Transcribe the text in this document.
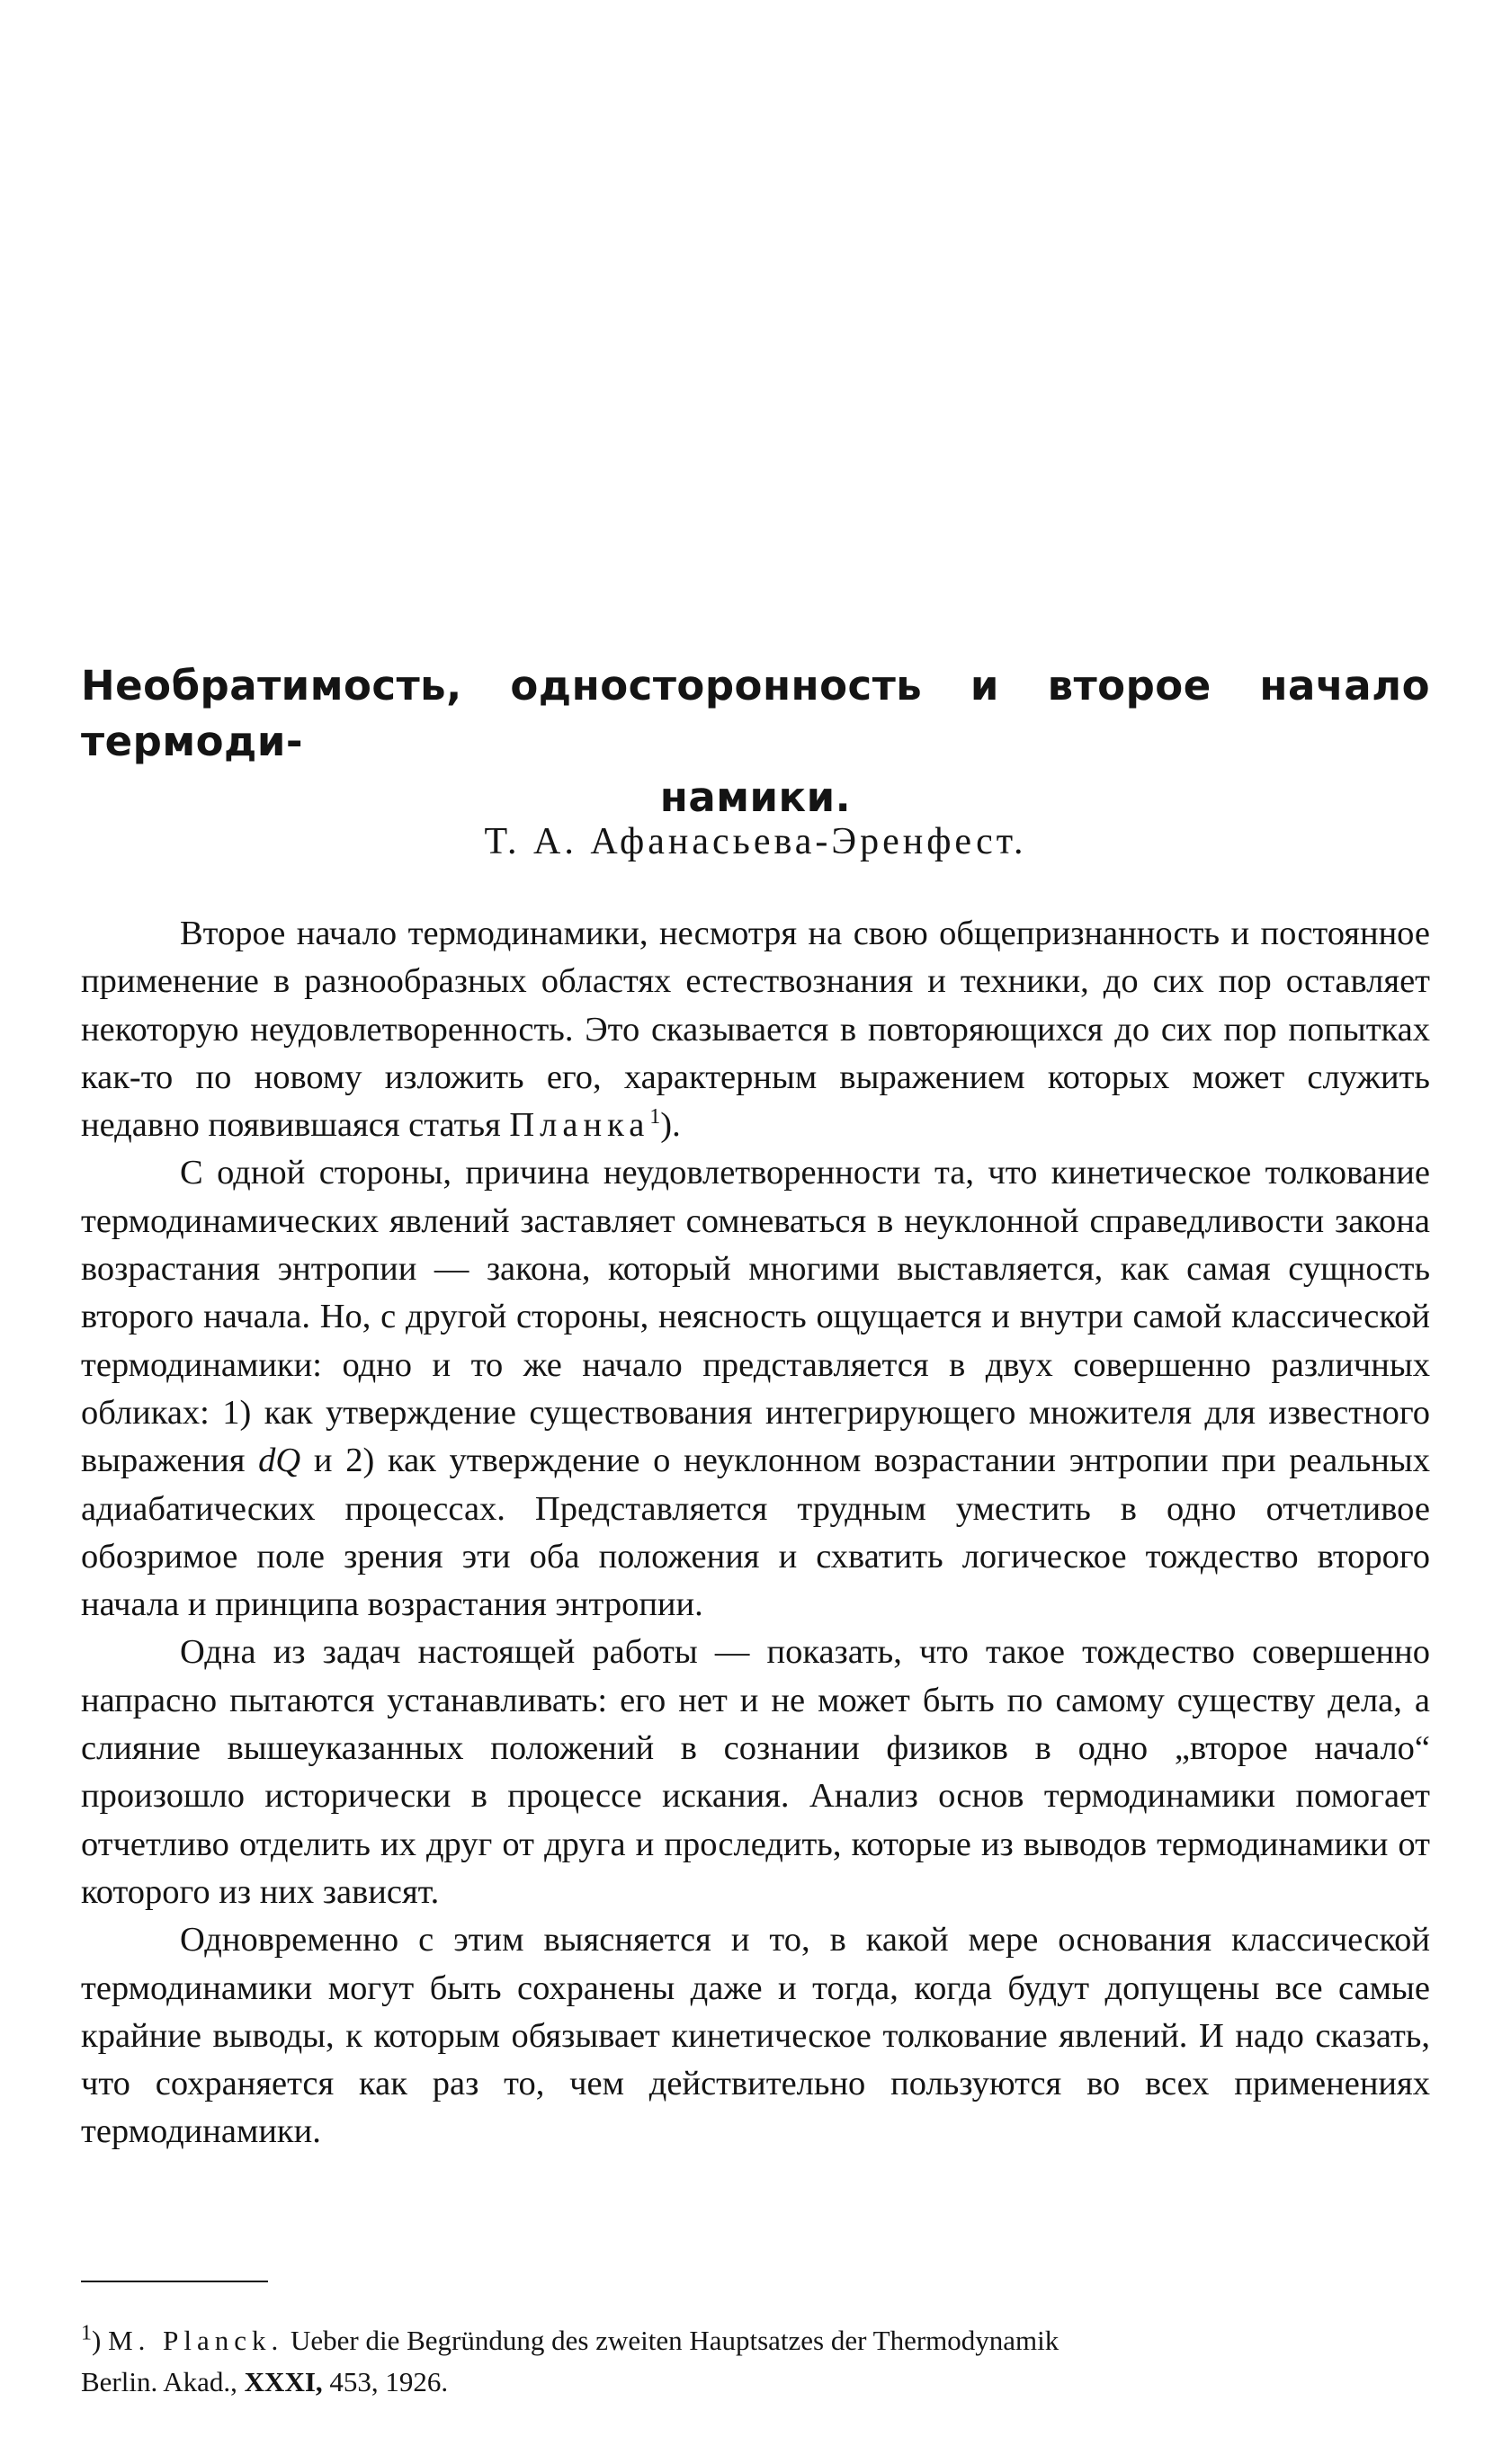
Необратимость, односторонность и второе начало термоди-
намики.

Т. А. Афанасьева-Эренфест.

Второе начало термодинамики, несмотря на свою общепризнанность и постоянное применение в разнообразных областях естествознания и техники, до сих пор оставляет некоторую неудовлетворенность. Это сказывается в повторяющихся до сих пор попытках как-то по новому изложить его, характерным выражением которых может служить недавно появившаяся статья Планка$^1$).

С одной стороны, причина неудовлетворенности та, что кинетическое толкование термодинамических явлений заставляет сомневаться в неуклонной справедливости закона возрастания энтропии — закона, который многими выставляется, как самая сущность второго начала. Но, с другой стороны, неясность ощущается и внутри самой классической термодинамики: одно и то же начало представляется в двух совершенно различных обликах: 1) как утверждение существования интегрирующего множителя для известного выражения dQ и 2) как утверждение о неуклонном возрастании энтропии при реальных адиабатических процессах. Представляется трудным уместить в одно отчетливое обозримое поле зрения эти оба положения и схватить логическое тождество второго начала и принципа возрастания энтропии.

Одна из задач настоящей работы — показать, что такое тождество совершенно напрасно пытаются устанавливать: его нет и не может быть по самому существу дела, а слияние вышеуказанных положений в сознании физиков в одно „второе начало“ произошло исторически в процессе искания. Анализ основ термодинамики помогает отчетливо отделить их друг от друга и проследить, которые из выводов термодинамики от которого из них зависят.

Одновременно с этим выясняется и то, в какой мере основания классической термодинамики могут быть сохранены даже и тогда, когда будут допущены все самые крайние выводы, к которым обязывает кинетическое толкование явлений. И надо сказать, что сохраняется как раз то, чем действительно пользуются во всех применениях термодинамики.

$^1$) M. Planck. Ueber die Begründung des zweiten Hauptsatzes der Thermodynamik
Berlin. Akad., XXXI, 453, 1926.
